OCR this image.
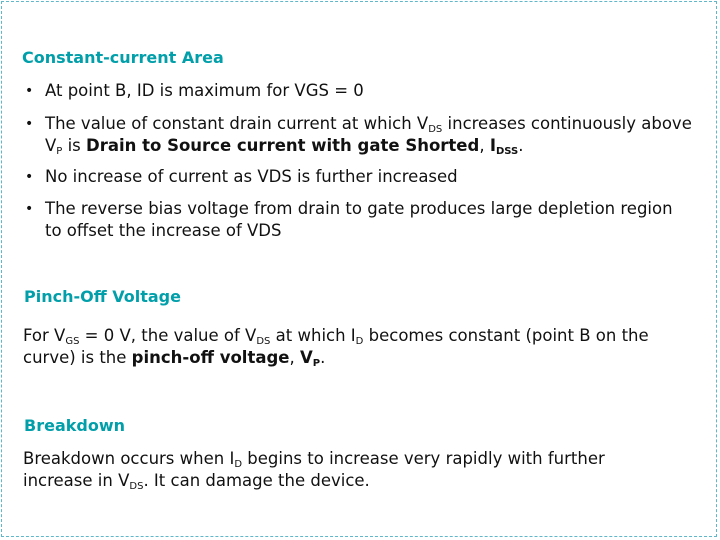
Constant-current Area
• At point B, ID is maximum for VGS = 0
• The value of constant drain current at which $V_{DS}$ increases continuously above
$V_P$ is Drain to Source current with gate Shorted, $I_{DSS}$.
• No increase of current as VDS is further increased
• The reverse bias voltage from drain to gate produces large depletion region
to offset the increase of VDS
Pinch-Off Voltage

For $V_{GS} = 0$ V, the value of $V_{DS}$ at which $I_D$ becomes constant (point B on the
curve) is the pinch-off voltage, $V_P$.

Breakdown

Breakdown occurs when $I_D$ begins to increase very rapidly with further
increase in $V_{DS}$. It can damage the device.
